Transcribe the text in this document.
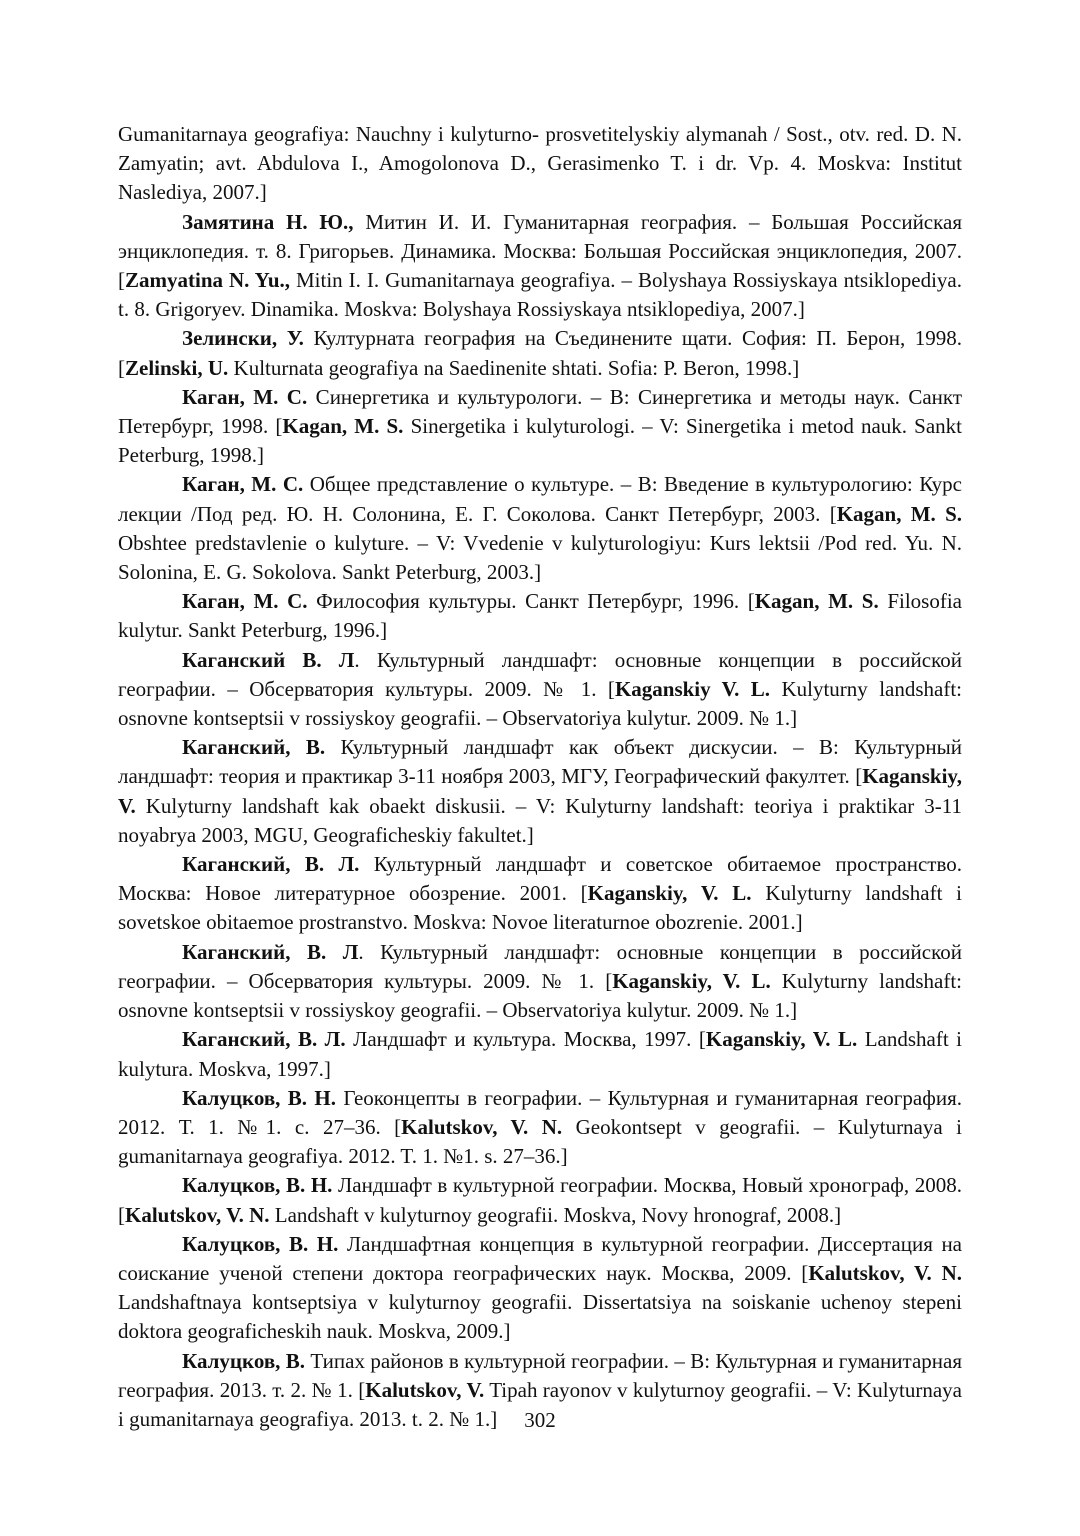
Gumanitarnaya geografiya: Nauchny i kulyturno- prosvetitelyskiy alymanah / Sost., otv. red. D. N. Zamyatin; avt. Abdulova I., Amogolonova D., Gerasimenko T. i dr. Vp. 4. Moskva: Institut Naslediya, 2007.]

Замятина Н. Ю., Митин И. И. Гуманитарная география. – Большая Российская энциклопедия. т. 8. Григорьев. Динамика. Москва: Большая Российская энциклопедия, 2007. [Zamyatina N. Yu., Mitin I. I. Gumanitarnaya geografiya. – Bolyshaya Rossiyskaya ntsiklopediya. t. 8. Grigoryev. Dinamika. Moskva: Bolyshaya Rossiyskaya ntsiklopediya, 2007.]

Зелински, У. Културната география на Съединените щати. София: П. Берон, 1998. [Zelinski, U. Kulturnata geografiya na Saedinenite shtati. Sofia: P. Beron, 1998.]

Каган, М. С. Синергетика и культурологи. – В: Синергетика и методы наук. Санкт Петербург, 1998. [Kagan, M. S. Sinergetika i kulyturologi. – V: Sinergetika i metod nauk. Sankt Peterburg, 1998.]

Каган, М. С. Общее представление о культуре. – В: Введение в культурологию: Курс лекции /Под ред. Ю. Н. Солонина, Е. Г. Соколова. Санкт Петербург, 2003. [Kagan, M. S. Obshtee predstavlenie o kulyture. – V: Vvedenie v kulyturologiyu: Kurs lektsii /Pod red. Yu. N. Solonina, E. G. Sokolova. Sankt Peterburg, 2003.]

Каган, М. С. Философия культуры. Санкт Петербург, 1996. [Kagan, M. S. Filosofia kulytur. Sankt Peterburg, 1996.]

Каганский В. Л. Культурный ландшафт: основные концепции в российской географии. – Обсерватория культуры. 2009. № 1. [Kaganskiy V. L. Kulyturny landshaft: osnovne kontseptsii v rossiyskoy geografii. – Observatoriya kulytur. 2009. № 1.]

Каганский, В. Культурный ландшафт как объект дискусии. – В: Культурный ландшафт: теория и практикар 3-11 ноября 2003, МГУ, Географический факултет. [Kaganskiy, V. Kulyturny landshaft kak obaekt diskusii. – V: Kulyturny landshaft: teoriya i praktikar 3-11 noyabrya 2003, MGU, Geograficheskiy fakultet.]

Каганский, В. Л. Культурный ландшафт и советское обитаемое пространство. Москва: Новое литературное обозрение. 2001. [Kaganskiy, V. L. Kulyturny landshaft i sovetskoe obitaemoe prostranstvo. Moskva: Novoe literaturnoe obozrenie. 2001.]

Каганский, В. Л. Культурный ландшафт: основные концепции в российской географии. – Обсерватория культуры. 2009. № 1. [Kaganskiy, V. L. Kulyturny landshaft: osnovne kontseptsii v rossiyskoy geografii. – Observatoriya kulytur. 2009. № 1.]

Каганский, В. Л. Ландшафт и культура. Москва, 1997. [Kaganskiy, V. L. Landshaft i kulytura. Moskva, 1997.]

Калуцков, В. Н. Геоконцепты в географии. – Культурная и гуманитарная география. 2012. Т. 1. №1. с. 27–36. [Kalutskov, V. N. Geokontsept v geografii. – Kulyturnaya i gumanitarnaya geografiya. 2012. T. 1. №1. s. 27–36.]

Калуцков, В. Н. Ландшафт в культурной географии. Москва, Новый хронограф, 2008. [Kalutskov, V. N. Landshaft v kulyturnoy geografii. Moskva, Novy hronograf, 2008.]

Калуцков, В. Н. Ландшафтная концепция в культурной географии. Диссертация на соискание ученой степени доктора географических наук. Москва, 2009. [Kalutskov, V. N. Landshaftnaya kontseptsiya v kulyturnoy geografii. Dissertatsiya na soiskanie uchenoy stepeni doktora geograficheskih nauk. Moskva, 2009.]

Калуцков, В. Типах районов в культурной географии. – В: Культурная и гуманитарная география. 2013. т. 2. № 1. [Kalutskov, V. Tipah rayonov v kulyturnoy geografii. – V: Kulyturnaya i gumanitarnaya geografiya. 2013. t. 2. № 1.]	302
